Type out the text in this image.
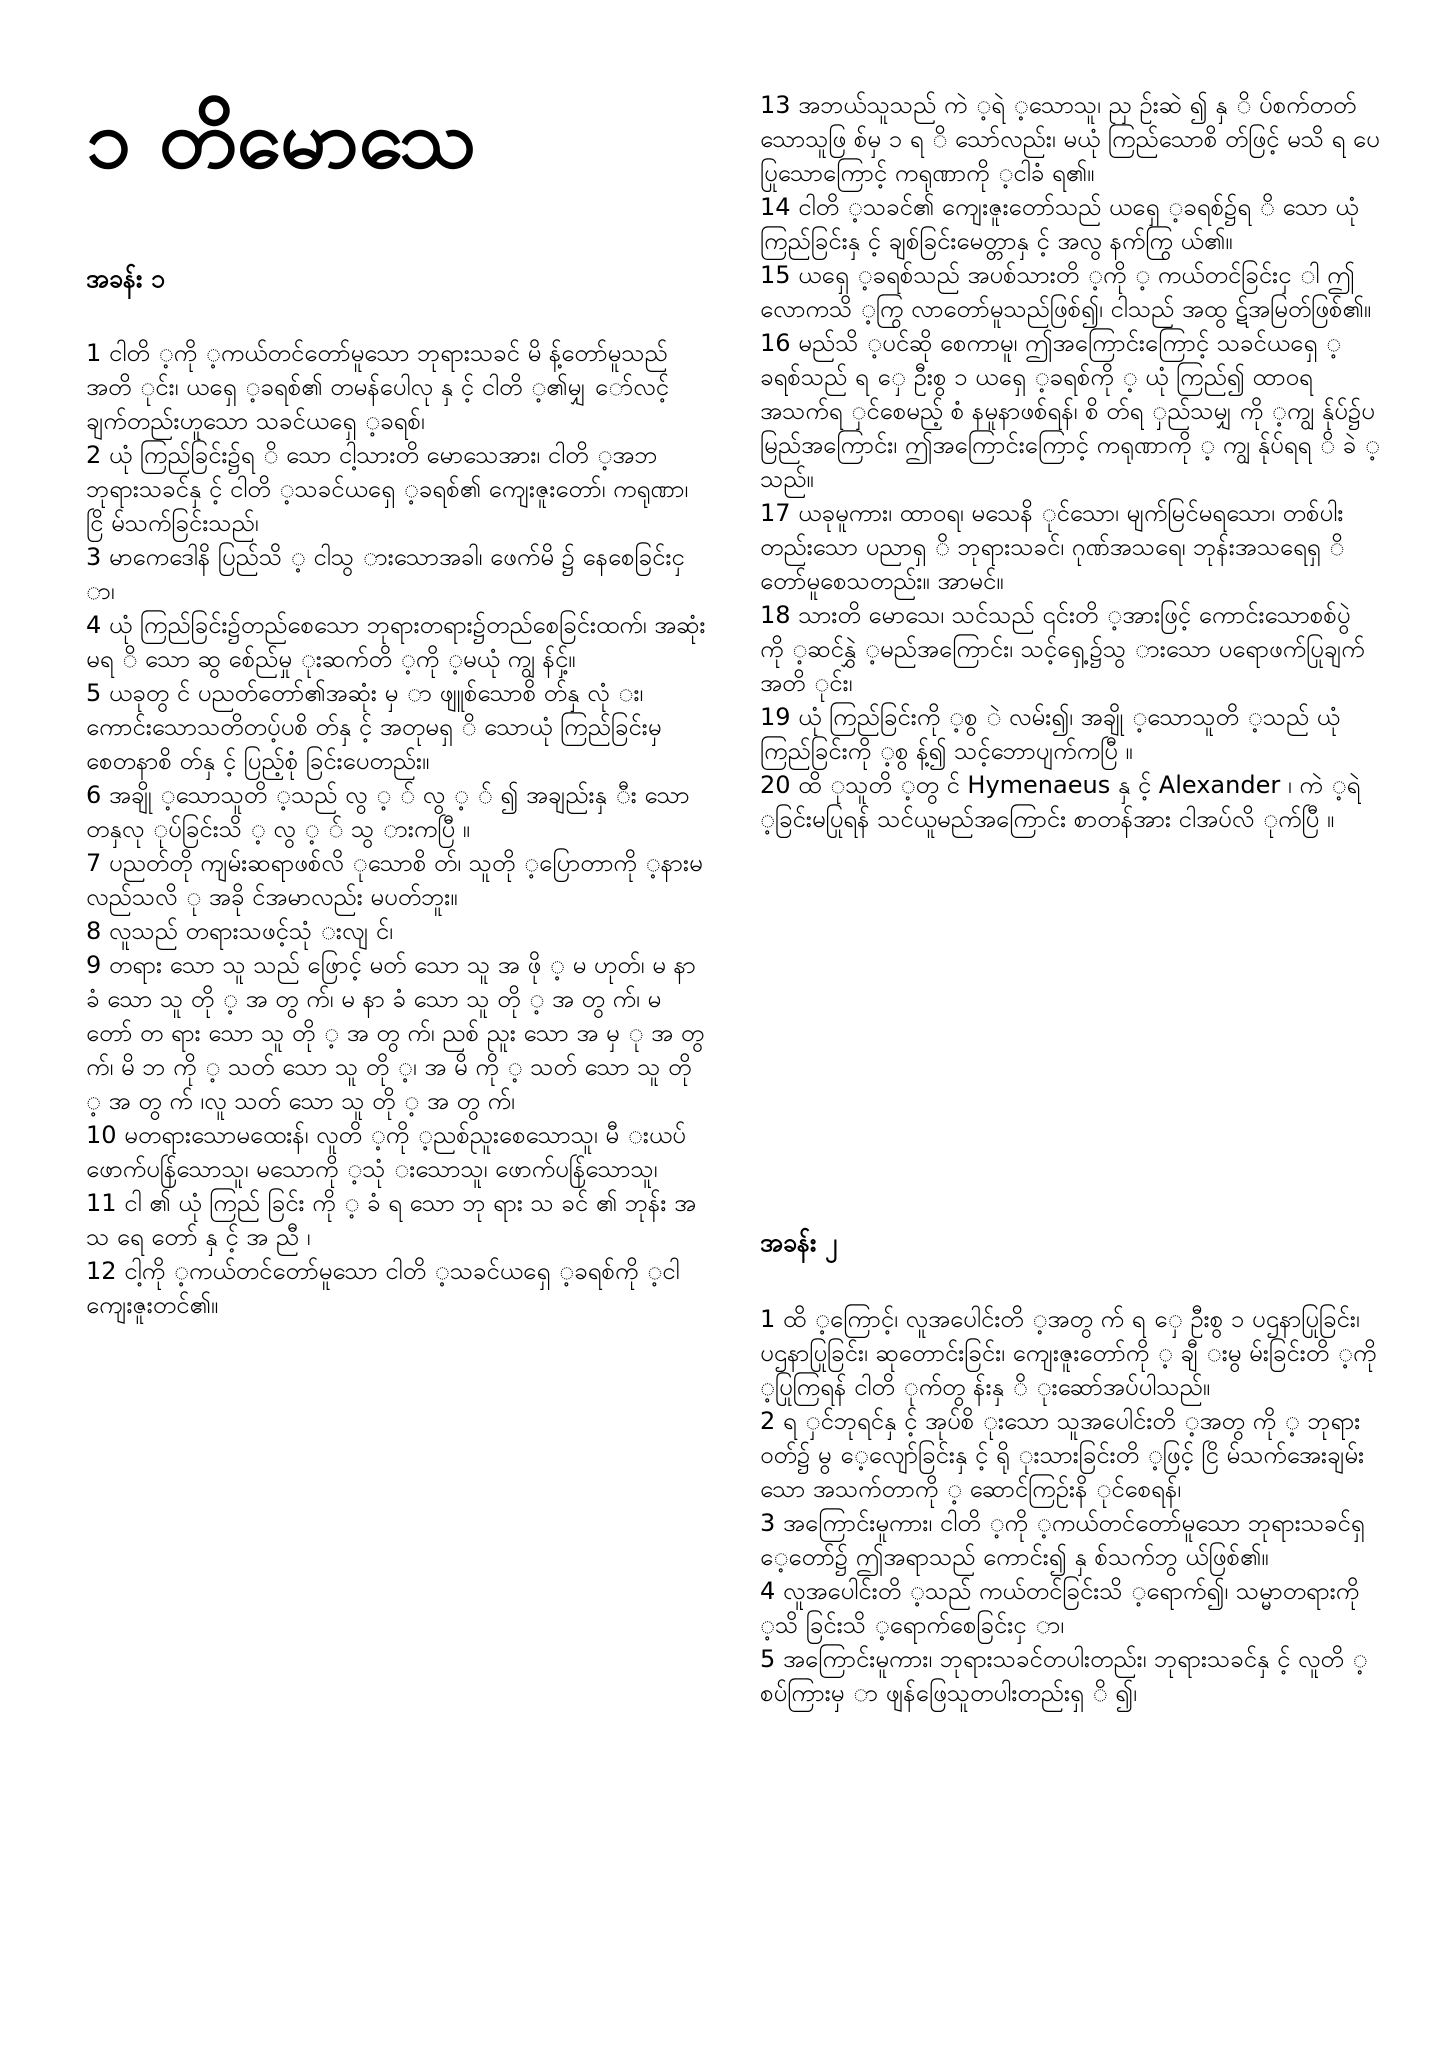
၁ တိမောသေ
အခန်း ၁

1 ငါတိ ့ကို ့ကယ်တင်တော်မူသော ဘုရားသခင် မိ န့်တော်မူသည်အတိ ုင်း၊ ယရှေ ့ခရစ်၏ တမန်ပေါလု နှ င့် ငါတိ ့၏မျှ ော်လင့်ချက်တည်းဟူသော သခင်ယရှေ ့ခရစ်၊

2 ယုံ ကြည်ခြင်း၌ရ ိ သော ငါ့သားတိ မောသေအား၊ ငါတိ ့အဘဘုရားသခင်နှ င့် ငါတိ ့သခင်ယရှေ ့ခရစ်၏ ကျေးဇူးတော်၊ ကရုဏာ၊ ငြိ မ်သက်ခြင်းသည်၊

3 မာကေဒေါနိ ပြည်သိ ့ ငါသွ ားသောအခါ၊ ဖေက်မိ ၌ နေစေခြင်းငှ ာ၊

4 ယုံ ကြည်ခြင်း၌တည်စေသော ဘုရားတရား၌တည်စေခြင်းထက်၊ အဆုံး မရ ိ သော ဆွ စ်ေည်မှု ုးဆက်တိ ့ကို ့မယုံ ကျွ န်ငှ့်။

5 ယခုတွ င် ပညတ်တော်၏အဆုံး မှ ာ ဖျူစ်သောစိ တ်နှ လုံ း၊ ကောင်းသောသတိတပ့်ပစိ တ်နှ င့် အတုမရှ ိ သောယုံ ကြည်ခြင်းမှ စေတနာစိ တ်နှ င့် ပြည့်စုံ ခြင်းပေတည်း။

6 အချို ့သောသူတိ ့သည် လွ ့ ် လွ ့ ် ၍ အချည်းနှ ီး သော တနှလု ုပ်ခြင်းသိ ့ လွ ့ ် သွ ားကပြီ ။

7 ပညတ်တို ကျမ်းဆရာဖစ်လိ ုသောစိ တ်၊ သူတို ့ပြောတာကို ့နားမလည်သလိ ု အခို င်အမာလည်း မပတ်ဘူး။

8 လူသည် တရားသဖင့်သုံ းလျ င်၊

9 တရား သော သူ သည် ဖြောင့် မတ် သော သူ အ ဖို ့ မ ဟုတ်၊ မ နာ ခံ သော သူ တို ့ အ တွ က်၊ မ နာ ခံ သော သူ တို ့ အ တွ က်၊ မ တော် တ ရား သော သူ တို ့ အ တွ က်၊ ညစ် ညူး သော အ မှ ု အ တွ က်၊ မိ ဘ ကို ့ သတ် သော သူ တို ့၊ အ မိ ကို ့ သတ် သော သူ တို ့ အ တွ က် ၊လူ သတ် သော သူ တို ့ အ တွ က်၊

10 မတရားသောမထေးန်၊ လူတိ ့ကို ့ညစ်ညူးစေသောသူ၊ မီ းယပ်ဖောက်ပန်ြသောသူ၊ မသောကို ့သုံ းသောသူ၊ ဖောက်ပန်ြသောသူ၊

11 ငါ ၏ ယုံ ကြည် ခြင်း ကို ့ ခံ ရ သော ဘု ရား သ ခင် ၏ ဘုန်း အ သ ရေ တော် နှ င့် အ ညီ ၊

12 ငါ့ကို ့ကယ်တင်တော်မူသော ငါတိ ့သခင်ယရှေ ့ခရစ်ကို ့ငါကျေးဇူးတင်၏။

13 အဘယ်သူသည် ကဲ ့ရဲ ့သောသူ၊ ညှ ဉ်းဆဲ ၍ နှ ိ ပ်စက်တတ်သောသူဖြ စ်မှ ၁ ရ ိ သော်လည်း၊ မယုံ ကြည်သောစိ တ်ဖြင့် မသိ ရ ပေပြုသောကြောင့် ကရုဏာကို ့ငါခံ ရ၏။

14 ငါတိ ့သခင်၏ ကျေးဇူးတော်သည် ယရှေ ့ခရစ်၌ရ ိ သော ယုံ ကြည်ခြင်းနှ င့် ချစ်ခြင်းမေတ္တာနှ င့် အလွ နက်ကြွ ယ်၏။

15 ယရှေ ့ခရစ်သည် အပစ်သားတိ ့ကို ့ ကယ်တင်ခြင်းငှ ါ ဤလောကသိ ့ကြွ လာတော်မူသည်ဖြစ်၍၊ ငါသည် အထွ ဋ်အမြတ်ဖြစ်၏။

16 မည်သိ ့ပင်ဆို စေကာမူ၊ ဤအကြောင်းကြောင့် သခင်ယရှေ ့ခရစ်သည် ရ ှေ ဦးစွ ၁ ယရှေ ့ခရစ်ကို ့ ယုံ ကြည်၍ ထာဝရအသက်ရ ှင်စေမည့် စံ နမူနာဖစ်ရန်၊ စိ တ်ရ ှည်သမျှ ကို ့ကျွ န်ုပ်၌ပမြည်အကြောင်း၊ ဤအကြောင်းကြောင့် ကရုဏာကို ့ ကျွ န်ုပ်ရရ ိ ခဲ ့သည်။

17 ယခုမူကား၊ ထာဝရ၊ မသေနိ ုင်သော၊ မျက်မြင်မရသော၊ တစ်ပါးတည်းသော ပညာရှ ိ ဘုရားသခင်၊ ဂုဏ်အသရေ၊ ဘုန်းအသရေရှ ိ တော်မူစေသတည်း။ အာမင်။

18 သားတိ မောသေ၊ သင်သည် ၎င်းတိ ့အားဖြင့် ကောင်းသောစစ်ပွဲ ကို ့ဆင်နွှဲ ့မည်အကြောင်း၊ သင့်ရှေ့၌သွ ားသော ပရောဖက်ပြုချက်အတိ ုင်း၊

19 ယုံ ကြည်ခြင်းကို ့စွ ဲ လမ်း၍၊ အချို ့သောသူတိ ့သည် ယုံ ကြည်ခြင်းကို ့စွ န့်၍ သင့်ဘောပျက်ကပြီ ။

20 ထိ ုသူတိ ့တွ င် Hymenaeus နှ င့် Alexander ၊ ကဲ ့ရဲ ့ခြင်းမပြုရန် သင်ယူမည်အကြောင်း စာတန်အား ငါအပ်လိ ုက်ပြီ ။

အခန်း ၂

1 ထိ ့ကြောင့်၊ လူအပေါင်းတိ ့အတွ က် ရ ှေ ဦးစွ ၁ ပဌနာပြုခြင်း၊ ပဌနာပြုခြင်း၊ ဆုတောင်းခြင်း၊ ကျေးဇူးတော်ကို ့ ချီ းမွ မ်းခြင်းတိ ့ကို ့ပြုကြရန် ငါတိ ုက်တွ န်းနှ ိ ုးဆော်အပ်ပါသည်။

2 ရ ှင်ဘုရင်နှ င့် အုပ်စိ ုးသော သူအပေါင်းတိ ့အတွ ကို ့ ဘုရားဝတ်၌ မွ ေ့လျော်ခြင်းနှ င့် ရို ုးသားခြင်းတိ ့ဖြင့် ငြိ မ်သက်အေးချမ်းသော အသက်တာကို ့ ဆောင်ကြဉ်းနိ ုင်စေရန်၊

3 အကြောင်းမူကား၊ ငါတိ ့ကို ့ကယ်တင်တော်မူသော ဘုရားသခင်ရှ ေ့တော်၌ ဤအရာသည် ကောင်း၍ နှ စ်သက်ဘွ ယ်ဖြစ်၏။

4 လူအပေါင်းတိ ့သည် ကယ်တင်ခြင်းသိ ့ရောက်၍၊ သမ္မာတရားကို ့သိ ခြင်းသိ ့ရောက်စေခြင်းငှ ာ၊

5 အကြောင်းမူကား၊ ဘုရားသခင်တပါးတည်း၊ ဘုရားသခင်နှ င့် လူတိ ့စပ်ကြားမှ ာ ဖျန်ဖြေသူတပါးတည်းရှ ိ ၍၊
